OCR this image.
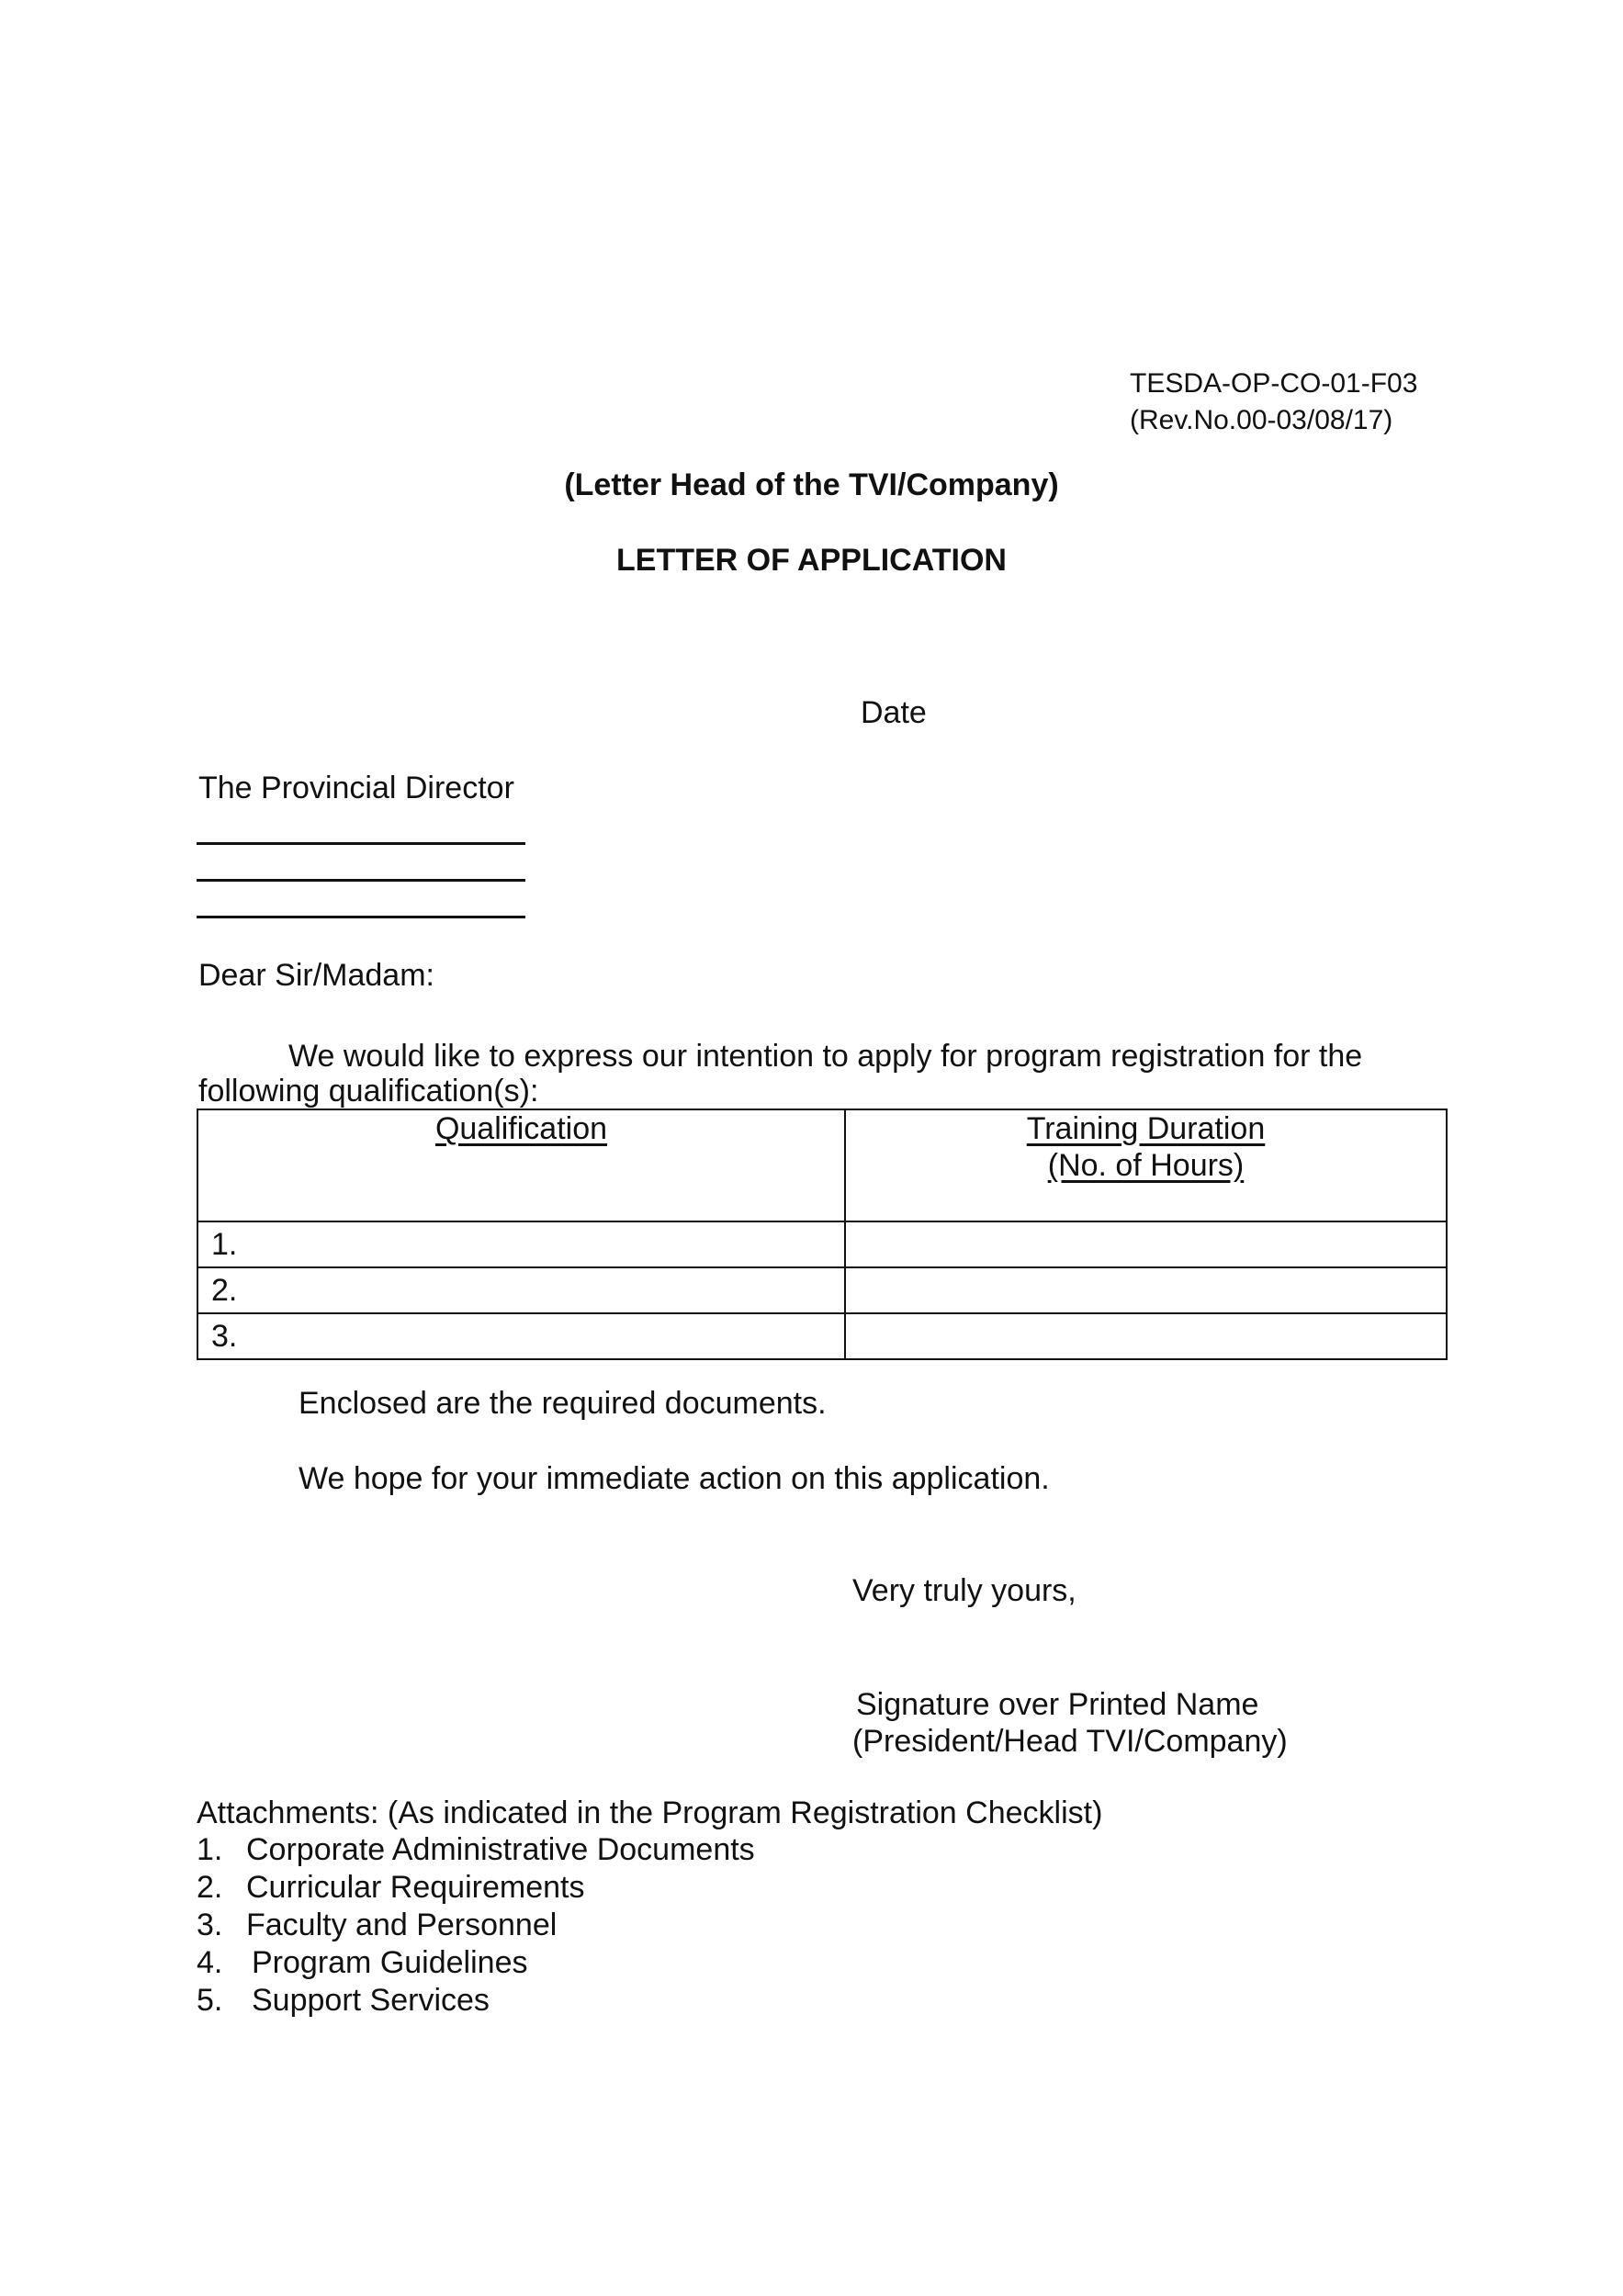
TESDA-OP-CO-01-F03
(Rev.No.00-03/08/17)
(Letter Head of the TVI/Company)
LETTER OF APPLICATION
Date
The Provincial Director
Dear Sir/Madam:
We would like to express our intention to apply for program registration for the
following qualification(s):
Qualification	Training Duration
(No. of Hours)
1.	
2.	
3.	
Enclosed are the required documents.
We hope for your immediate action on this application.
Very truly yours,
Signature over Printed Name
(President/Head TVI/Company)
Attachments: (As indicated in the Program Registration Checklist)
1. Corporate Administrative Documents
2. Curricular Requirements
3. Faculty and Personnel
4. Program Guidelines
5. Support Services
